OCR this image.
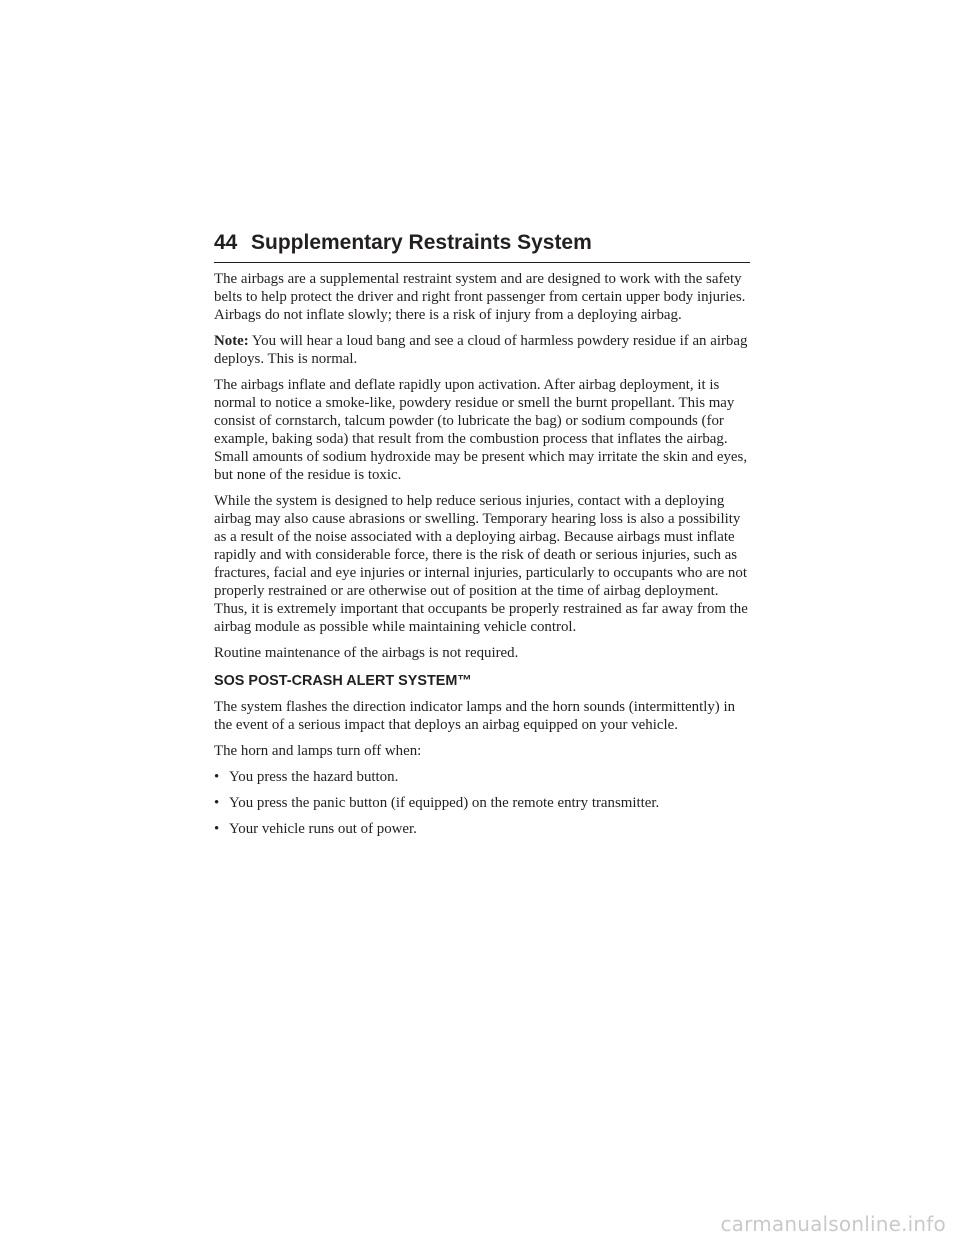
44 Supplementary Restraints System

The airbags are a supplemental restraint system and are designed to work with the safety belts to help protect the driver and right front passenger from certain upper body injuries. Airbags do not inflate slowly; there is a risk of injury from a deploying airbag.

Note: You will hear a loud bang and see a cloud of harmless powdery residue if an airbag deploys. This is normal.

The airbags inflate and deflate rapidly upon activation. After airbag deployment, it is normal to notice a smoke-like, powdery residue or smell the burnt propellant. This may consist of cornstarch, talcum powder (to lubricate the bag) or sodium compounds (for example, baking soda) that result from the combustion process that inflates the airbag. Small amounts of sodium hydroxide may be present which may irritate the skin and eyes, but none of the residue is toxic.

While the system is designed to help reduce serious injuries, contact with a deploying airbag may also cause abrasions or swelling. Temporary hearing loss is also a possibility as a result of the noise associated with a deploying airbag. Because airbags must inflate rapidly and with considerable force, there is the risk of death or serious injuries, such as fractures, facial and eye injuries or internal injuries, particularly to occupants who are not properly restrained or are otherwise out of position at the time of airbag deployment. Thus, it is extremely important that occupants be properly restrained as far away from the airbag module as possible while maintaining vehicle control.

Routine maintenance of the airbags is not required.

SOS POST-CRASH ALERT SYSTEM™

The system flashes the direction indicator lamps and the horn sounds (intermittently) in the event of a serious impact that deploys an airbag equipped on your vehicle.

The horn and lamps turn off when:

• You press the hazard button.
• You press the panic button (if equipped) on the remote entry transmitter.
• Your vehicle runs out of power.
carmanualsonline.info
